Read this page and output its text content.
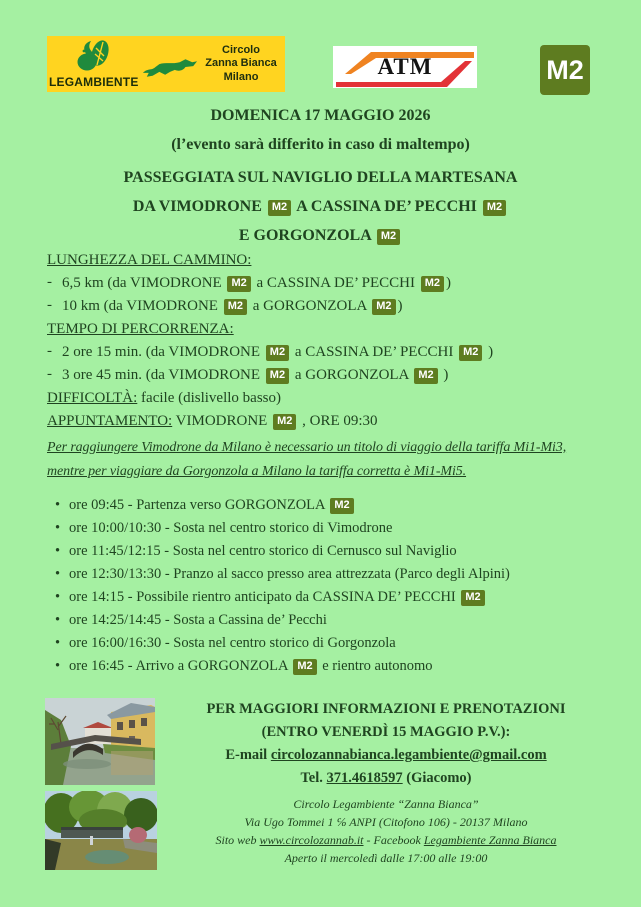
LEGAMBIENTE
Circolo
Zanna Bianca
Milano	ATM	M2
DOMENICA 17 MAGGIO 2026
(l’evento sarà differito in caso di maltempo)
PASSEGGIATA SUL NAVIGLIO DELLA MARTESANA
DA VIMODRONE M2 A CASSINA DE’ PECCHI M2
E GORGONZOLA M2
LUNGHEZZA DEL CAMMINO:
- 6,5 km (da VIMODRONE M2 a CASSINA DE’ PECCHI M2 )
- 10 km (da VIMODRONE M2 a GORGONZOLA M2 )
TEMPO DI PERCORRENZA:
- 2 ore 15 min. (da VIMODRONE M2 a CASSINA DE’ PECCHI M2 )
- 3 ore 45 min. (da VIMODRONE M2 a GORGONZOLA M2 )
DIFFICOLTÀ: facile (dislivello basso)
APPUNTAMENTO: VIMODRONE M2 , ORE 09:30
Per raggiungere Vimodrone da Milano è necessario un titolo di viaggio della tariffa Mi1-Mi3, mentre per viaggiare da Gorgonzola a Milano la tariffa corretta è Mi1-Mi5.
• ore 09:45 - Partenza verso GORGONZOLA M2
• ore 10:00/10:30 - Sosta nel centro storico di Vimodrone
• ore 11:45/12:15 - Sosta nel centro storico di Cernusco sul Naviglio
• ore 12:30/13:30 - Pranzo al sacco presso area attrezzata (Parco degli Alpini)
• ore 14:15 - Possibile rientro anticipato da CASSINA DE’ PECCHI M2
• ore 14:25/14:45 - Sosta a Cassina de’ Pecchi
• ore 16:00/16:30 - Sosta nel centro storico di Gorgonzola
• ore 16:45 - Arrivo a GORGONZOLA M2 e rientro autonomo
PER MAGGIORI INFORMAZIONI E PRENOTAZIONI
(ENTRO VENERDÌ 15 MAGGIO P.V.):
E-mail circolozannabianca.legambiente@gmail.com
Tel. 371.4618597 (Giacomo)
Circolo Legambiente “Zanna Bianca”
Via Ugo Tommei 1 ℅ ANPI (Citofono 106) - 20137 Milano
Sito web www.circolozannab.it - Facebook Legambiente Zanna Bianca
Aperto il mercoledì dalle 17:00 alle 19:00
